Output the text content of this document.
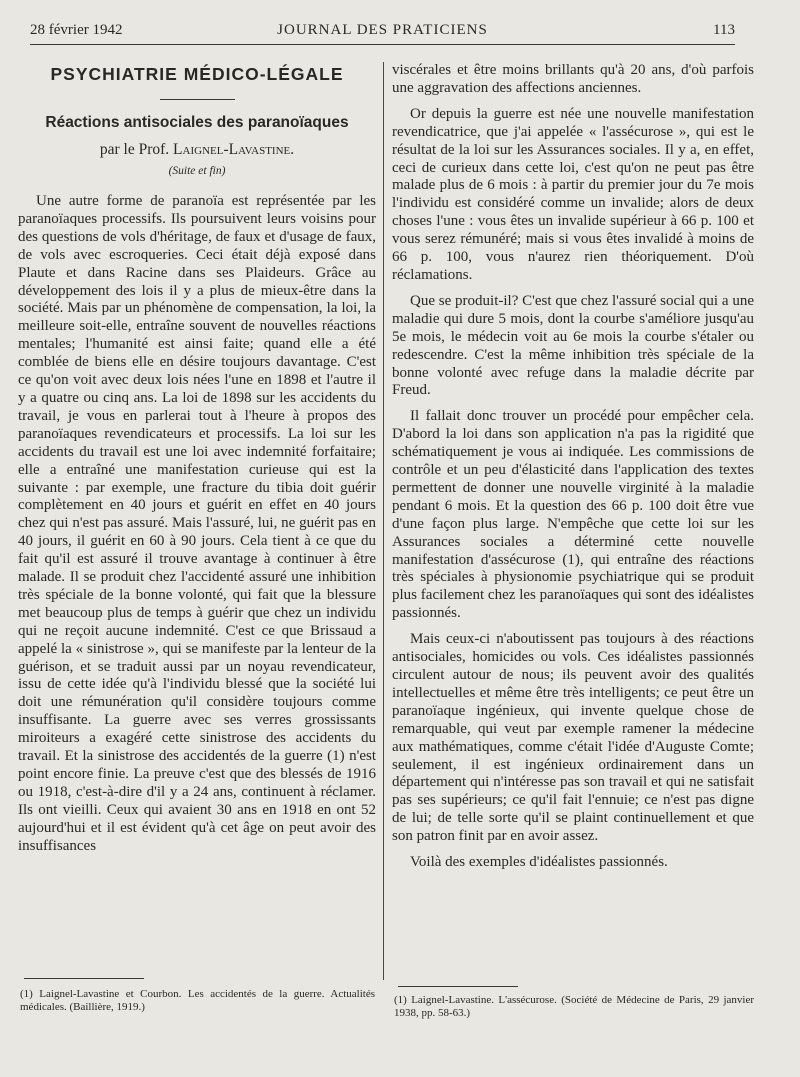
28 février 1942	JOURNAL DES PRATICIENS	113
PSYCHIATRIE MÉDICO-LÉGALE
Réactions antisociales des paranoïaques
par le Prof. Laignel-Lavastine.
(Suite et fin)

Une autre forme de paranoïa est représentée par les paranoïaques processifs. Ils poursuivent leurs voisins pour des questions de vols d'héritage, de faux et d'usage de faux, de vols avec escroqueries. Ceci était déjà exposé dans Plaute et dans Racine dans ses Plaideurs. Grâce au développement des lois il y a plus de mieux-être dans la société. Mais par un phénomène de compensation, la loi, la meilleure soit-elle, entraîne souvent de nouvelles réactions mentales; l'humanité est ainsi faite; quand elle a été comblée de biens elle en désire toujours davantage. C'est ce qu'on voit avec deux lois nées l'une en 1898 et l'autre il y a quatre ou cinq ans. La loi de 1898 sur les accidents du travail, je vous en parlerai tout à l'heure à propos des paranoïaques revendicateurs et processifs. La loi sur les accidents du travail est une loi avec indemnité forfaitaire; elle a entraîné une manifestation curieuse qui est la suivante : par exemple, une fracture du tibia doit guérir complètement en 40 jours et guérit en effet en 40 jours chez qui n'est pas assuré. Mais l'assuré, lui, ne guérit pas en 40 jours, il guérit en 60 à 90 jours. Cela tient à ce que du fait qu'il est assuré il trouve avantage à continuer à être malade. Il se produit chez l'accidenté assuré une inhibition très spéciale de la bonne volonté, qui fait que la blessure met beaucoup plus de temps à guérir que chez un individu qui ne reçoit aucune indemnité. C'est ce que Brissaud a appelé la « sinistrose », qui se manifeste par la lenteur de la guérison, et se traduit aussi par un noyau revendicateur, issu de cette idée qu'à l'individu blessé que la société lui doit une rémunération qu'il considère toujours comme insuffisante. La guerre avec ses verres grossissants miroiteurs a exagéré cette sinistrose des accidents du travail. Et la sinistrose des accidentés de la guerre (1) n'est point encore finie. La preuve c'est que des blessés de 1916 ou 1918, c'est-à-dire d'il y a 24 ans, continuent à réclamer. Ils ont vieilli. Ceux qui avaient 30 ans en 1918 en ont 52 aujourd'hui et il est évident qu'à cet âge on peut avoir des insuffisances

viscérales et être moins brillants qu'à 20 ans, d'où parfois une aggravation des affections anciennes.

Or depuis la guerre est née une nouvelle manifestation revendicatrice, que j'ai appelée « l'assécurose », qui est le résultat de la loi sur les Assurances sociales. Il y a, en effet, ceci de curieux dans cette loi, c'est qu'on ne peut pas être malade plus de 6 mois : à partir du premier jour du 7e mois l'individu est considéré comme un invalide; alors de deux choses l'une : vous êtes un invalide supérieur à 66 p. 100 et vous serez rémunéré; mais si vous êtes invalidé à moins de 66 p. 100, vous n'aurez rien théoriquement. D'où réclamations.

Que se produit-il? C'est que chez l'assuré social qui a une maladie qui dure 5 mois, dont la courbe s'améliore jusqu'au 5e mois, le médecin voit au 6e mois la courbe s'étaler ou redescendre. C'est la même inhibition très spéciale de la bonne volonté avec refuge dans la maladie décrite par Freud.

Il fallait donc trouver un procédé pour empêcher cela. D'abord la loi dans son application n'a pas la rigidité que schématiquement je vous ai indiquée. Les commissions de contrôle et un peu d'élasticité dans l'application des textes permettent de donner une nouvelle virginité à la maladie pendant 6 mois. Et la question des 66 p. 100 doit être vue d'une façon plus large. N'empêche que cette loi sur les Assurances sociales a déterminé cette nouvelle manifestation d'assécurose (1), qui entraîne des réactions très spéciales à physionomie psychiatrique qui se produit plus facilement chez les paranoïaques qui sont des idéalistes passionnés.

Mais ceux-ci n'aboutissent pas toujours à des réactions antisociales, homicides ou vols. Ces idéalistes passionnés circulent autour de nous; ils peuvent avoir des qualités intellectuelles et même être très intelligents; ce peut être un paranoïaque ingénieux, qui invente quelque chose de remarquable, qui veut par exemple ramener la médecine aux mathématiques, comme c'était l'idée d'Auguste Comte; seulement, il est ingénieux ordinairement dans un département qui n'intéresse pas son travail et qui ne satisfait pas ses supérieurs; ce qu'il fait l'ennuie; ce n'est pas digne de lui; de telle sorte qu'il se plaint continuellement et que son patron finit par en avoir assez.

Voilà des exemples d'idéalistes passionnés.

(1) Laignel-Lavastine et Courbon. Les accidentés de la guerre. Actualités médicales. (Baillière, 1919.)
(1) Laignel-Lavastine. L'assécurose. (Société de Médecine de Paris, 29 janvier 1938, pp. 58-63.)
